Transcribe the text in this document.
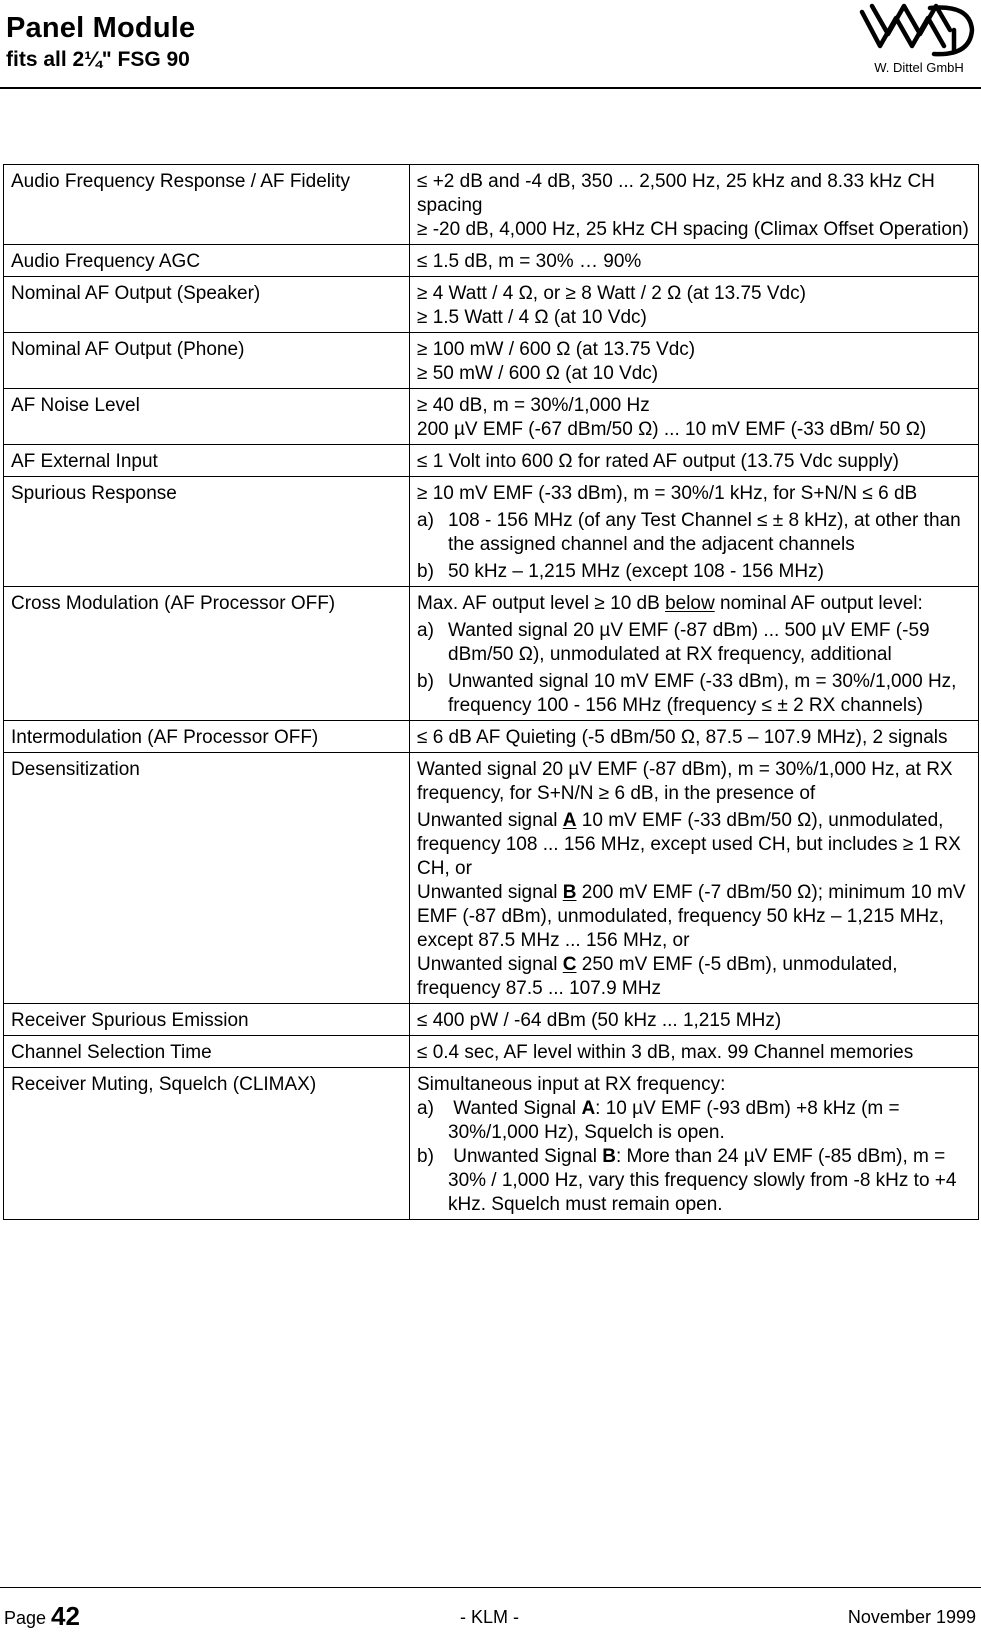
Panel Module
fits all 2¼" FSG 90	W. Dittel GmbH
Audio Frequency Response / AF Fidelity	≤ +2 dB and -4 dB, 350 ... 2,500 Hz, 25 kHz and 8.33 kHz CH spacing
≥ -20 dB, 4,000 Hz, 25 kHz CH spacing (Climax Offset Operation)

Audio Frequency AGC	≤ 1.5 dB, m = 30% … 90%

Nominal AF Output (Speaker)	≥ 4 Watt / 4 Ω, or ≥ 8 Watt / 2 Ω (at 13.75 Vdc)
≥ 1.5 Watt / 4 Ω (at 10 Vdc)

Nominal AF Output (Phone)	≥ 100 mW / 600 Ω (at 13.75 Vdc)
≥ 50 mW / 600 Ω (at 10 Vdc)

AF Noise Level	≥ 40 dB, m = 30%/1,000 Hz
200 µV EMF (-67 dBm/50 Ω) ... 10 mV EMF (-33 dBm/ 50 Ω)

AF External Input	≤ 1 Volt into 600 Ω for rated AF output (13.75 Vdc supply)

Spurious Response	≥ 10 mV EMF (-33 dBm), m = 30%/1 kHz, for S+N/N ≤ 6 dB
a) 108 - 156 MHz (of any Test Channel ≤ ± 8 kHz), at other than the assigned channel and the adjacent channels
b) 50 kHz – 1,215 MHz (except 108 - 156 MHz)

Cross Modulation (AF Processor OFF)	Max. AF output level ≥ 10 dB below nominal AF output level:
a) Wanted signal 20 µV EMF (-87 dBm) ... 500 µV EMF (-59 dBm/50 Ω), unmodulated at RX frequency, additional
b) Unwanted signal 10 mV EMF (-33 dBm), m = 30%/1,000 Hz, frequency 100 - 156 MHz (frequency ≤ ± 2 RX channels)

Intermodulation (AF Processor OFF)	≤ 6 dB AF Quieting (-5 dBm/50 Ω, 87.5 – 107.9 MHz), 2 signals

Desensitization	Wanted signal 20 µV EMF (-87 dBm), m = 30%/1,000 Hz, at RX frequency, for S+N/N ≥ 6 dB, in the presence of
Unwanted signal A 10 mV EMF (-33 dBm/50 Ω), unmodulated, frequency 108 ... 156 MHz, except used CH, but includes ≥ 1 RX CH, or
Unwanted signal B 200 mV EMF (-7 dBm/50 Ω); minimum 10 mV EMF (-87 dBm), unmodulated, frequency 50 kHz – 1,215 MHz, except 87.5 MHz ... 156 MHz, or
Unwanted signal C 250 mV EMF (-5 dBm), unmodulated, frequency 87.5 ... 107.9 MHz

Receiver Spurious Emission	≤ 400 pW / -64 dBm (50 kHz ... 1,215 MHz)

Channel Selection Time	≤ 0.4 sec, AF level within 3 dB, max. 99 Channel memories

Receiver Muting, Squelch (CLIMAX)	Simultaneous input at RX frequency:
a) Wanted Signal A: 10 µV EMF (-93 dBm) +8 kHz (m = 30%/1,000 Hz), Squelch is open.
b) Unwanted Signal B: More than 24 µV EMF (-85 dBm), m = 30% / 1,000 Hz, vary this frequency slowly from -8 kHz to +4 kHz. Squelch must remain open.
Page 42	- KLM -	November 1999
